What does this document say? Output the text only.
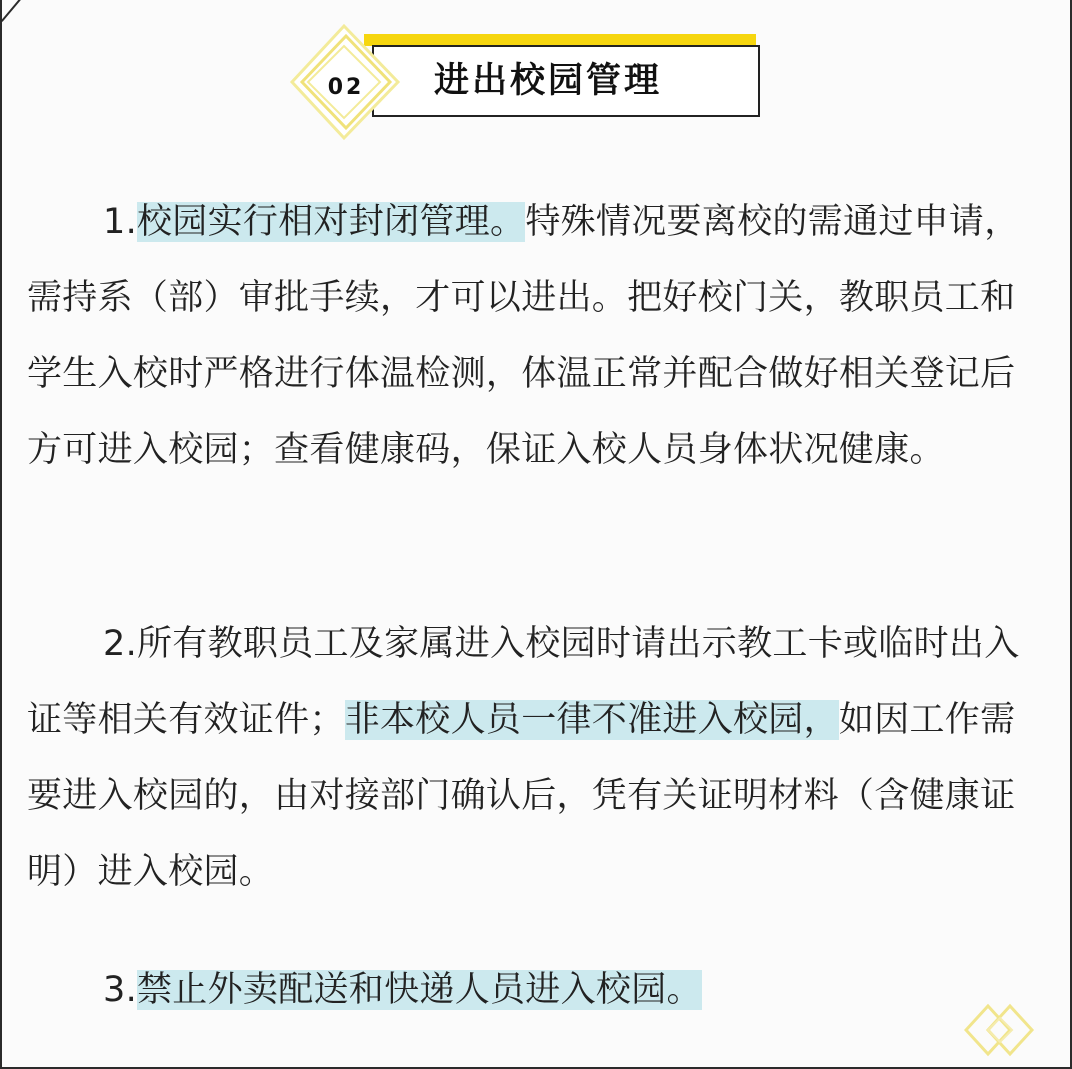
02	进出校园管理

1.校园实行相对封闭管理。特殊情况要离校的需通过申请，需持系（部）审批手续，才可以进出。把好校门关，教职员工和学生入校时严格进行体温检测，体温正常并配合做好相关登记后方可进入校园；查看健康码，保证入校人员身体状况健康。

2.所有教职员工及家属进入校园时请出示教工卡或临时出入证等相关有效证件；非本校人员一律不准进入校园，如因工作需要进入校园的，由对接部门确认后，凭有关证明材料（含健康证明）进入校园。

3.禁止外卖配送和快递人员进入校园。
